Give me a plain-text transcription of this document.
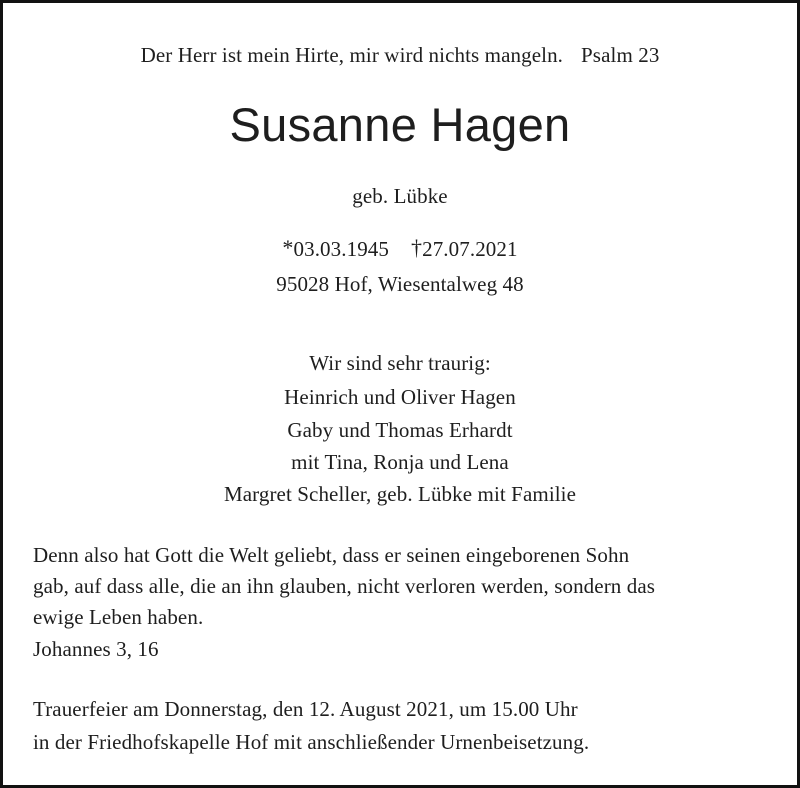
Der Herr ist mein Hirte, mir wird nichts mangeln. Psalm 23
Susanne Hagen
geb. Lübke
*03.03.1945 †27.07.2021
95028 Hof, Wiesentalweg 48
Wir sind sehr traurig:
Heinrich und Oliver Hagen
Gaby und Thomas Erhardt
mit Tina, Ronja und Lena
Margret Scheller, geb. Lübke mit Familie
Denn also hat Gott die Welt geliebt, dass er seinen eingeborenen Sohn
gab, auf dass alle, die an ihn glauben, nicht verloren werden, sondern das
ewige Leben haben.
Johannes 3, 16
Trauerfeier am Donnerstag, den 12. August 2021, um 15.00 Uhr
in der Friedhofskapelle Hof mit anschließender Urnenbeisetzung.
